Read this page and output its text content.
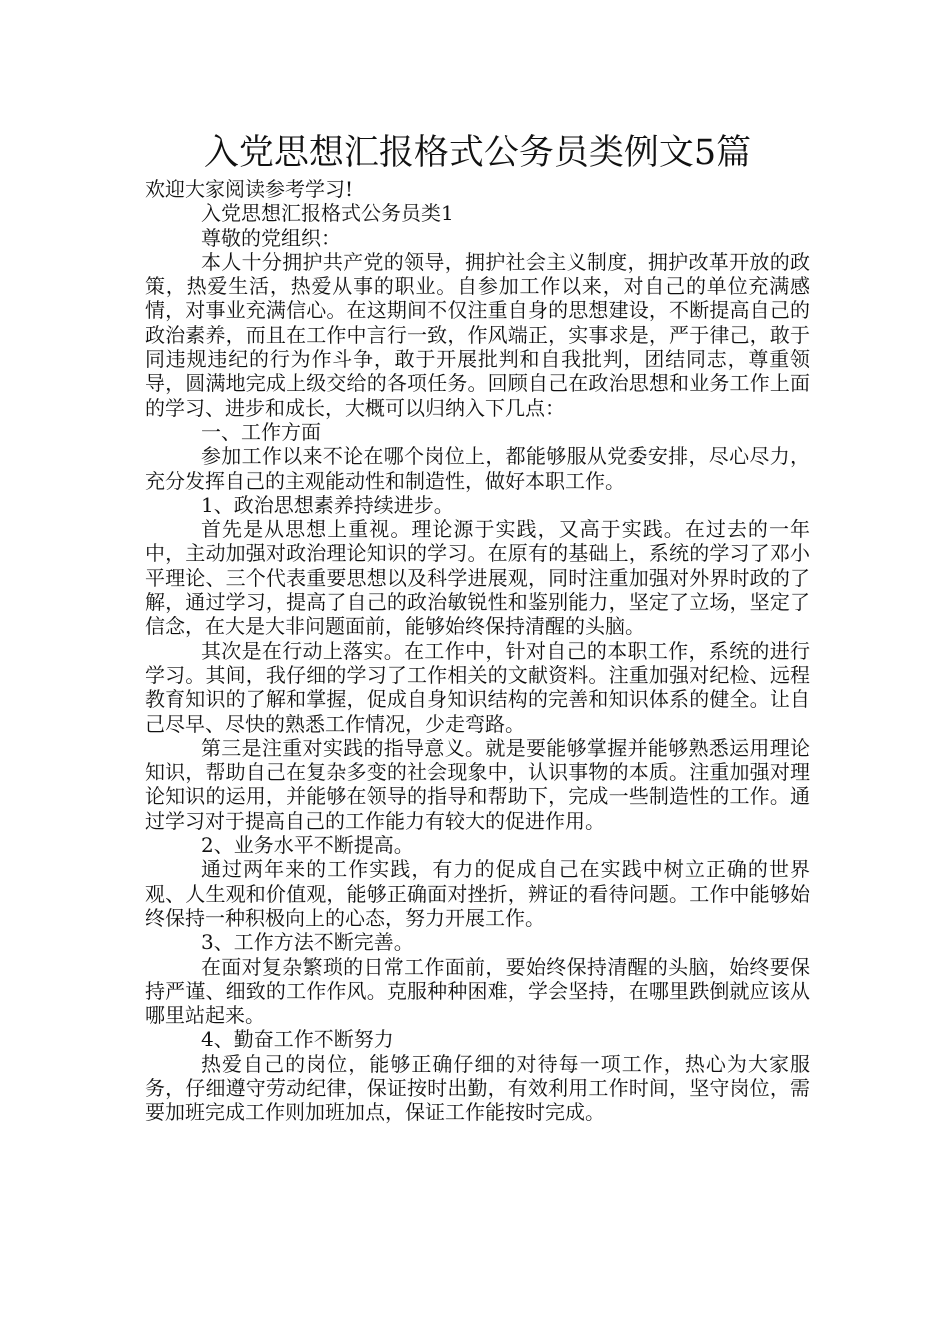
入党思想汇报格式公务员类例文5篇

欢迎大家阅读参考学习!

入党思想汇报格式公务员类1

尊敬的党组织：

本人十分拥护共产党的领导，拥护社会主义制度，拥护改革开放的政策，热爱生活，热爱从事的职业。自参加工作以来，对自己的单位充满感情，对事业充满信心。在这期间不仅注重自身的思想建设，不断提高自己的政治素养，而且在工作中言行一致，作风端正，实事求是，严于律己，敢于同违规违纪的行为作斗争，敢于开展批判和自我批判，团结同志，尊重领导，圆满地完成上级交给的各项任务。回顾自己在政治思想和业务工作上面的学习、进步和成长，大概可以归纳入下几点：

一、工作方面

参加工作以来不论在哪个岗位上，都能够服从党委安排，尽心尽力，充分发挥自己的主观能动性和制造性，做好本职工作。

1、政治思想素养持续进步。

首先是从思想上重视。理论源于实践，又高于实践。在过去的一年中，主动加强对政治理论知识的学习。在原有的基础上，系统的学习了邓小平理论、三个代表重要思想以及科学进展观，同时注重加强对外界时政的了解，通过学习，提高了自己的政治敏锐性和鉴别能力，坚定了立场，坚定了信念，在大是大非问题面前，能够始终保持清醒的头脑。

其次是在行动上落实。在工作中，针对自己的本职工作，系统的进行学习。其间，我仔细的学习了工作相关的文献资料。注重加强对纪检、远程教育知识的了解和掌握，促成自身知识结构的完善和知识体系的健全。让自己尽早、尽快的熟悉工作情况，少走弯路。

第三是注重对实践的指导意义。就是要能够掌握并能够熟悉运用理论知识，帮助自己在复杂多变的社会现象中，认识事物的本质。注重加强对理论知识的运用，并能够在领导的指导和帮助下，完成一些制造性的工作。通过学习对于提高自己的工作能力有较大的促进作用。

2、业务水平不断提高。

通过两年来的工作实践，有力的促成自己在实践中树立正确的世界观、人生观和价值观，能够正确面对挫折，辨证的看待问题。工作中能够始终保持一种积极向上的心态，努力开展工作。

3、工作方法不断完善。

在面对复杂繁琐的日常工作面前，要始终保持清醒的头脑，始终要保持严谨、细致的工作作风。克服种种困难，学会坚持，在哪里跌倒就应该从哪里站起来。

4、勤奋工作不断努力

热爱自己的岗位，能够正确仔细的对待每一项工作，热心为大家服务，仔细遵守劳动纪律，保证按时出勤，有效利用工作时间，坚守岗位，需要加班完成工作则加班加点，保证工作能按时完成。
